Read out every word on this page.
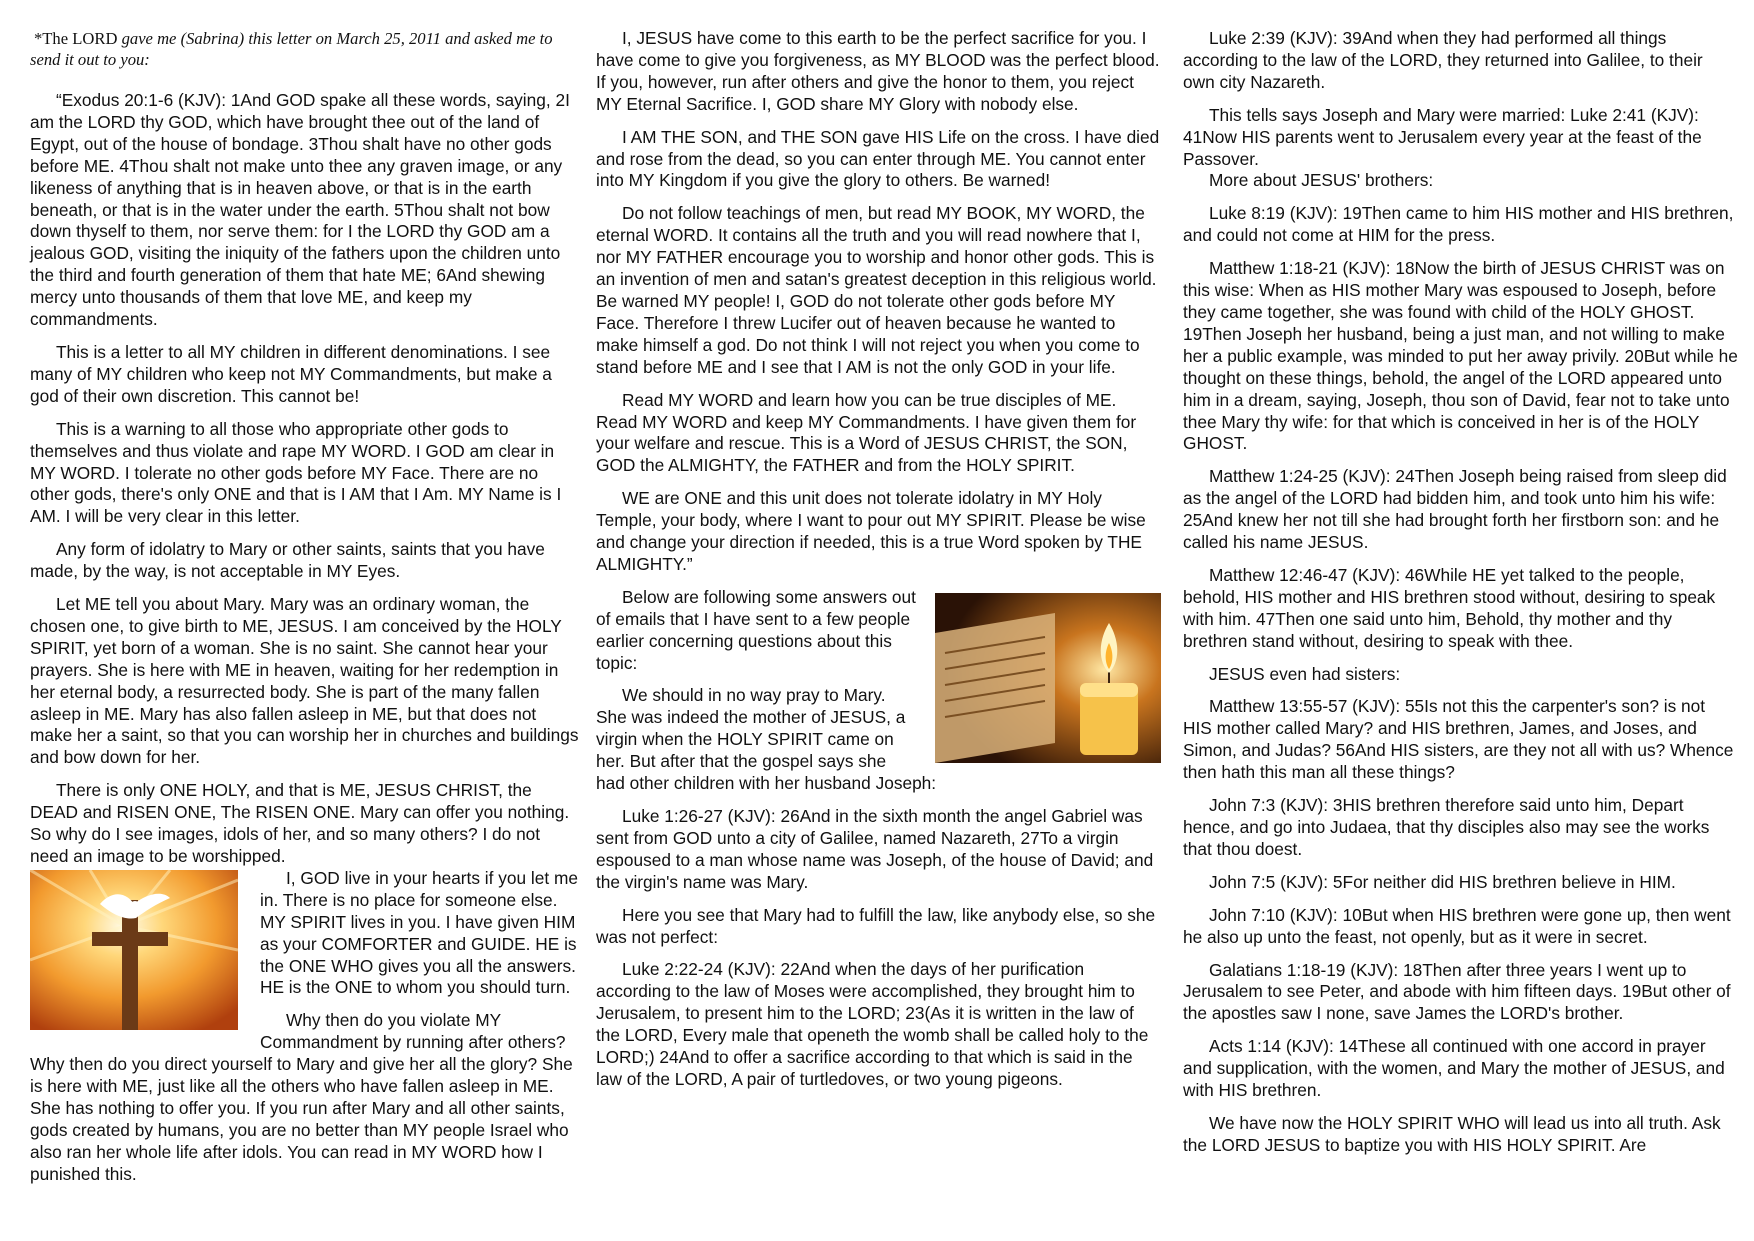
*The LORD gave me (Sabrina) this letter on March 25, 2011 and asked me to send it out to you:

“Exodus 20:1-6 (KJV): 1And GOD spake all these words, saying, 2I am the LORD thy GOD, which have brought thee out of the land of Egypt, out of the house of bondage. 3Thou shalt have no other gods before ME. 4Thou shalt not make unto thee any graven image, or any likeness of anything that is in heaven above, or that is in the earth beneath, or that is in the water under the earth. 5Thou shalt not bow down thyself to them, nor serve them: for I the LORD thy GOD am a jealous GOD, visiting the iniquity of the fathers upon the children unto the third and fourth generation of them that hate ME; 6And shewing mercy unto thousands of them that love ME, and keep my commandments.

This is a letter to all MY children in different denominations. I see many of MY children who keep not MY Commandments, but make a god of their own discretion. This cannot be!

This is a warning to all those who appropriate other gods to themselves and thus violate and rape MY WORD. I GOD am clear in MY WORD. I tolerate no other gods before MY Face. There are no other gods, there's only ONE and that is I AM that I Am. MY Name is I AM. I will be very clear in this letter.

Any form of idolatry to Mary or other saints, saints that you have made, by the way, is not acceptable in MY Eyes.

Let ME tell you about Mary. Mary was an ordinary woman, the chosen one, to give birth to ME, JESUS. I am conceived by the HOLY SPIRIT, yet born of a woman. She is no saint. She cannot hear your prayers. She is here with ME in heaven, waiting for her redemption in her eternal body, a resurrected body. She is part of the many fallen asleep in ME. Mary has also fallen asleep in ME, but that does not make her a saint, so that you can worship her in churches and buildings and bow down for her.

There is only ONE HOLY, and that is ME, JESUS CHRIST, the DEAD and RISEN ONE, The RISEN ONE. Mary can offer you nothing. So why do I see images, idols of her, and so many others? I do not need an image to be worshipped.

I, GOD live in your hearts if you let me in. There is no place for someone else. MY SPIRIT lives in you. I have given HIM as your COMFORTER and GUIDE. HE is the ONE WHO gives you all the answers. HE is the ONE to whom you should turn.

Why then do you violate MY Commandment by running after others? Why then do you direct yourself to Mary and give her all the glory? She is here with ME, just like all the others who have fallen asleep in ME. She has nothing to offer you. If you run after Mary and all other saints, gods created by humans, you are no better than MY people Israel who also ran her whole life after idols. You can read in MY WORD how I punished this.

I, JESUS have come to this earth to be the perfect sacrifice for you. I have come to give you forgiveness, as MY BLOOD was the perfect blood. If you, however, run after others and give the honor to them, you reject MY Eternal Sacrifice. I, GOD share MY Glory with nobody else.

I AM THE SON, and THE SON gave HIS Life on the cross. I have died and rose from the dead, so you can enter through ME. You cannot enter into MY Kingdom if you give the glory to others. Be warned!

Do not follow teachings of men, but read MY BOOK, MY WORD, the eternal WORD. It contains all the truth and you will read nowhere that I, nor MY FATHER encourage you to worship and honor other gods. This is an invention of men and satan's greatest deception in this religious world. Be warned MY people! I, GOD do not tolerate other gods before MY Face. Therefore I threw Lucifer out of heaven because he wanted to make himself a god. Do not think I will not reject you when you come to stand before ME and I see that I AM is not the only GOD in your life.

Read MY WORD and learn how you can be true disciples of ME. Read MY WORD and keep MY Commandments. I have given them for your welfare and rescue. This is a Word of JESUS CHRIST, the SON, GOD the ALMIGHTY, the FATHER and from the HOLY SPIRIT.

WE are ONE and this unit does not tolerate idolatry in MY Holy Temple, your body, where I want to pour out MY SPIRIT. Please be wise and change your direction if needed, this is a true Word spoken by THE ALMIGHTY.”

Below are following some answers out of emails that I have sent to a few people earlier concerning questions about this topic:

We should in no way pray to Mary. She was indeed the mother of JESUS, a virgin when the HOLY SPIRIT came on her. But after that the gospel says she had other children with her husband Joseph:

Luke 1:26-27 (KJV): 26And in the sixth month the angel Gabriel was sent from GOD unto a city of Galilee, named Nazareth, 27To a virgin espoused to a man whose name was Joseph, of the house of David; and the virgin's name was Mary.

Here you see that Mary had to fulfill the law, like anybody else, so she was not perfect:

Luke 2:22-24 (KJV): 22And when the days of her purification according to the law of Moses were accomplished, they brought him to Jerusalem, to present him to the LORD; 23(As it is written in the law of the LORD, Every male that openeth the womb shall be called holy to the LORD;) 24And to offer a sacrifice according to that which is said in the law of the LORD, A pair of turtledoves, or two young pigeons.

Luke 2:39 (KJV): 39And when they had performed all things according to the law of the LORD, they returned into Galilee, to their own city Nazareth.

This tells says Joseph and Mary were married: Luke 2:41 (KJV): 41Now HIS parents went to Jerusalem every year at the feast of the Passover.

More about JESUS' brothers:

Luke 8:19 (KJV): 19Then came to him HIS mother and HIS brethren, and could not come at HIM for the press.

Matthew 1:18-21 (KJV): 18Now the birth of JESUS CHRIST was on this wise: When as HIS mother Mary was espoused to Joseph, before they came together, she was found with child of the HOLY GHOST. 19Then Joseph her husband, being a just man, and not willing to make her a public example, was minded to put her away privily. 20But while he thought on these things, behold, the angel of the LORD appeared unto him in a dream, saying, Joseph, thou son of David, fear not to take unto thee Mary thy wife: for that which is conceived in her is of the HOLY GHOST.

Matthew 1:24-25 (KJV): 24Then Joseph being raised from sleep did as the angel of the LORD had bidden him, and took unto him his wife: 25And knew her not till she had brought forth her firstborn son: and he called his name JESUS.

Matthew 12:46-47 (KJV): 46While HE yet talked to the people, behold, HIS mother and HIS brethren stood without, desiring to speak with him. 47Then one said unto him, Behold, thy mother and thy brethren stand without, desiring to speak with thee.

JESUS even had sisters:

Matthew 13:55-57 (KJV): 55Is not this the carpenter's son? is not HIS mother called Mary? and HIS brethren, James, and Joses, and Simon, and Judas? 56And HIS sisters, are they not all with us? Whence then hath this man all these things?

John 7:3 (KJV): 3HIS brethren therefore said unto him, Depart hence, and go into Judaea, that thy disciples also may see the works that thou doest.

John 7:5 (KJV): 5For neither did HIS brethren believe in HIM.

John 7:10 (KJV): 10But when HIS brethren were gone up, then went he also up unto the feast, not openly, but as it were in secret.

Galatians 1:18-19 (KJV): 18Then after three years I went up to Jerusalem to see Peter, and abode with him fifteen days. 19But other of the apostles saw I none, save James the LORD's brother.

Acts 1:14 (KJV): 14These all continued with one accord in prayer and supplication, with the women, and Mary the mother of JESUS, and with HIS brethren.

We have now the HOLY SPIRIT WHO will lead us into all truth. Ask the LORD JESUS to baptize you with HIS HOLY SPIRIT. Are
